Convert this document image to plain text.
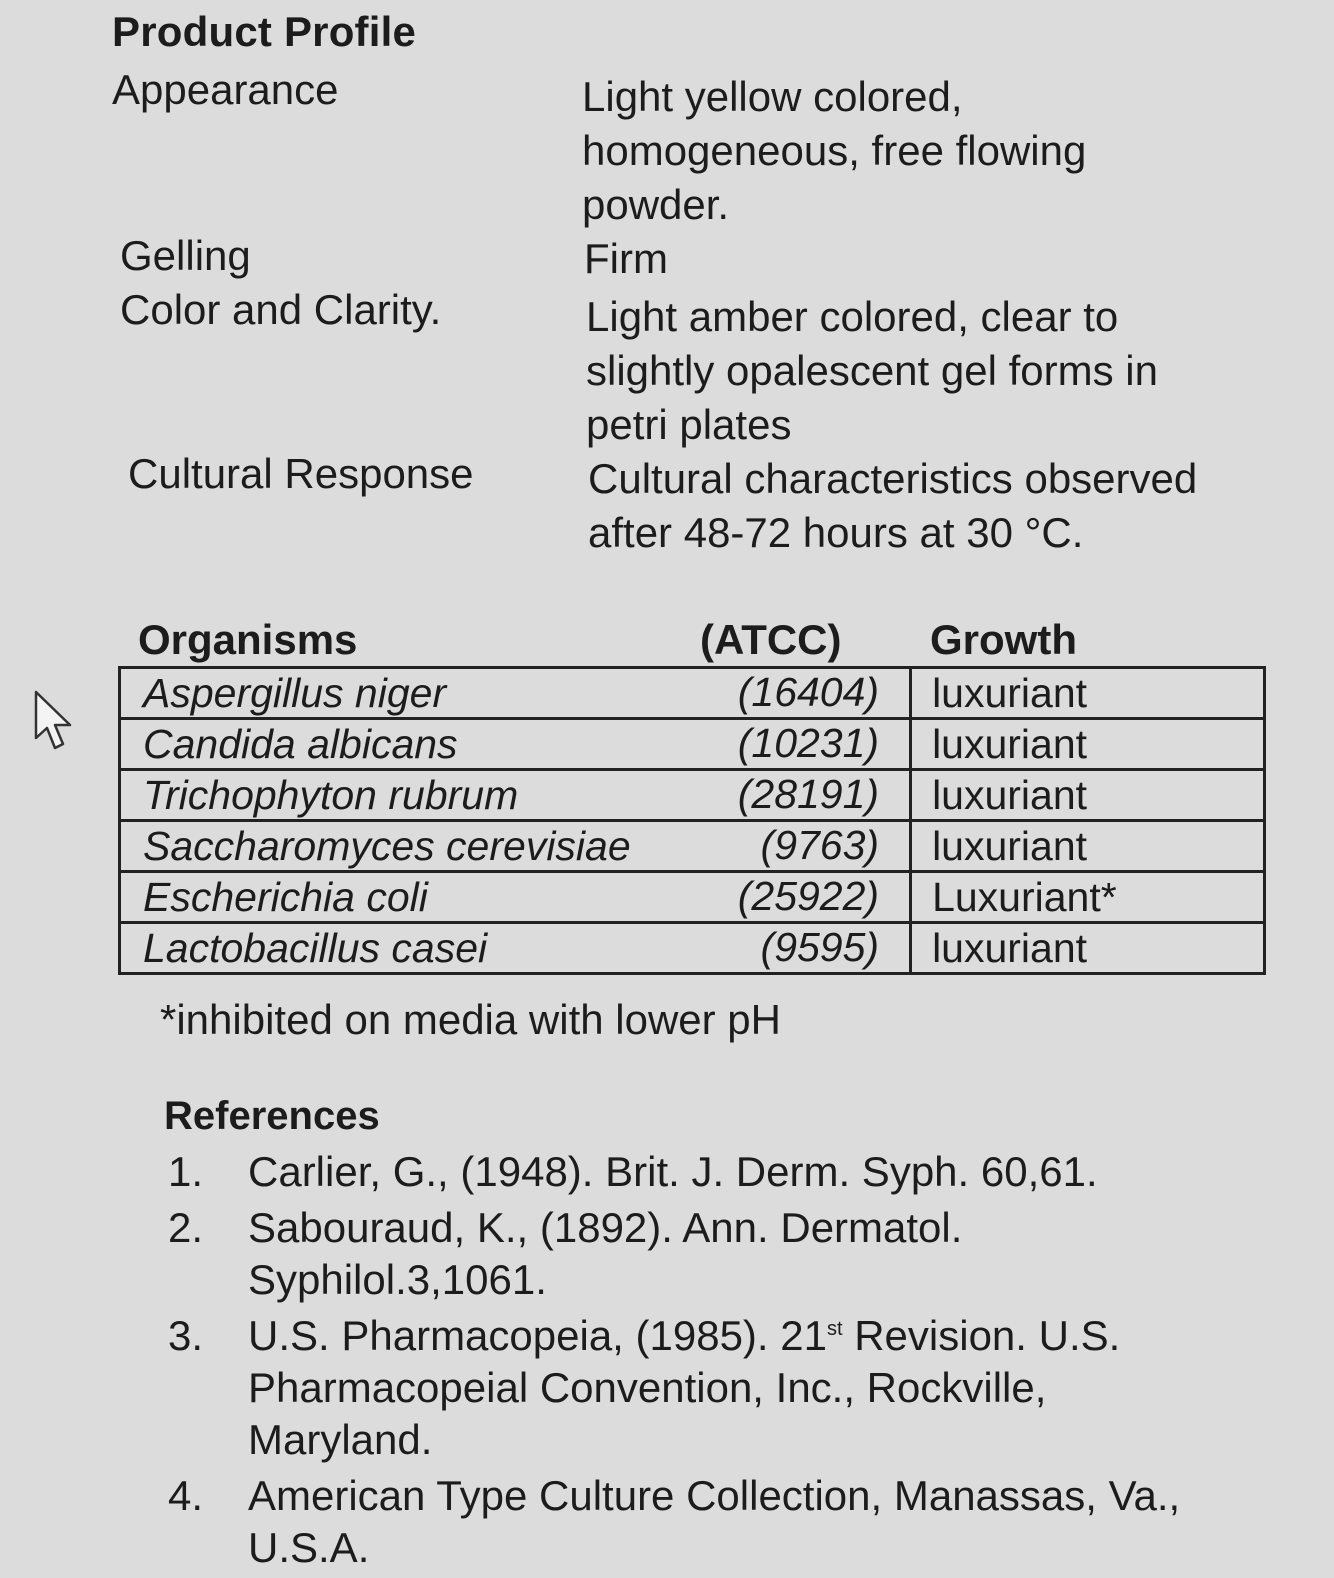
Product Profile
Appearance	Light yellow colored, homogeneous, free flowing powder.
Gelling	Firm
Color and Clarity.	Light amber colored, clear to slightly opalescent gel forms in petri plates
Cultural Response	Cultural characteristics observed after 48-72 hours at 30 °C.
Organisms	(ATCC) Growth
Aspergillus niger (16404)	luxuriant
Candida albicans (10231)	luxuriant
Trichophyton rubrum (28191)	luxuriant
Saccharomyces cerevisiae (9763)	luxuriant
Escherichia coli (25922)	Luxuriant*
Lactobacillus casei (9595)	luxuriant
*inhibited on media with lower pH
References
1. Carlier, G., (1948). Brit. J. Derm. Syph. 60,61.
2. Sabouraud, K., (1892). Ann. Dermatol. Syphilol.3,1061.
3. U.S. Pharmacopeia, (1985). 21st Revision. U.S. Pharmacopeial Convention, Inc., Rockville, Maryland.
4. American Type Culture Collection, Manassas, Va., U.S.A.
